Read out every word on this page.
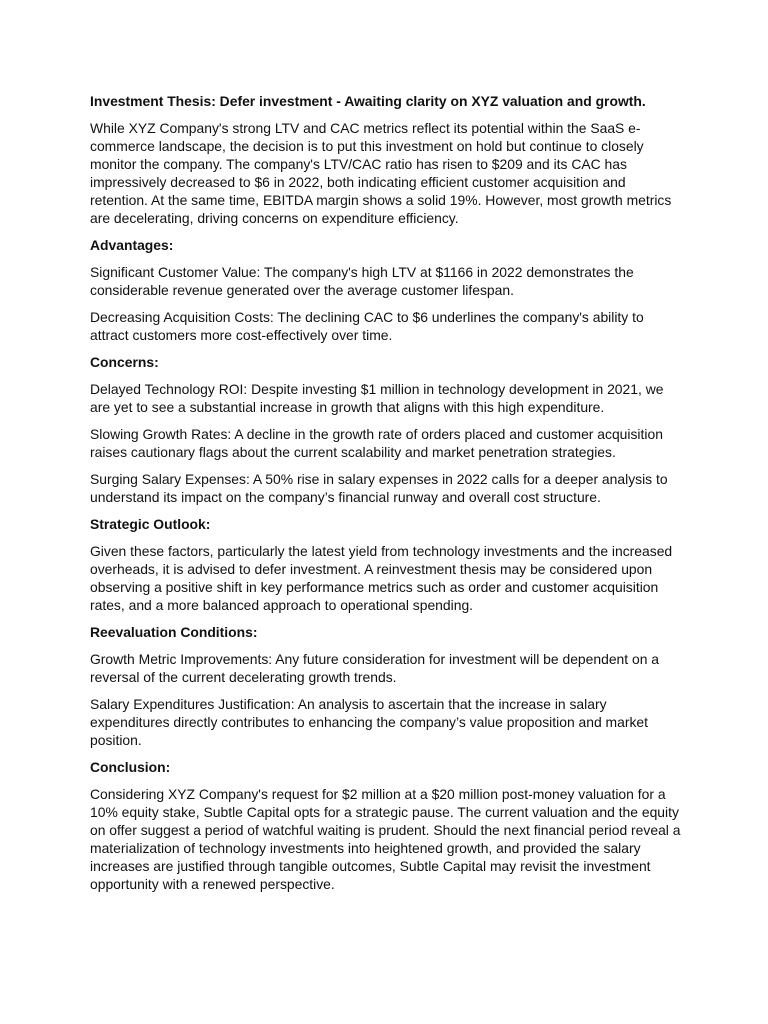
Investment Thesis: Defer investment - Awaiting clarity on XYZ valuation and growth.

While XYZ Company's strong LTV and CAC metrics reflect its potential within the SaaS e-commerce landscape, the decision is to put this investment on hold but continue to closely monitor the company. The company's LTV/CAC ratio has risen to $209 and its CAC has impressively decreased to $6 in 2022, both indicating efficient customer acquisition and retention. At the same time, EBITDA margin shows a solid 19%. However, most growth metrics are decelerating, driving concerns on expenditure efficiency.

Advantages:

Significant Customer Value: The company's high LTV at $1166 in 2022 demonstrates the considerable revenue generated over the average customer lifespan.

Decreasing Acquisition Costs: The declining CAC to $6 underlines the company's ability to attract customers more cost-effectively over time.

Concerns:

Delayed Technology ROI: Despite investing $1 million in technology development in 2021, we are yet to see a substantial increase in growth that aligns with this high expenditure.

Slowing Growth Rates: A decline in the growth rate of orders placed and customer acquisition raises cautionary flags about the current scalability and market penetration strategies.

Surging Salary Expenses: A 50% rise in salary expenses in 2022 calls for a deeper analysis to understand its impact on the company’s financial runway and overall cost structure.

Strategic Outlook:

Given these factors, particularly the latest yield from technology investments and the increased overheads, it is advised to defer investment. A reinvestment thesis may be considered upon observing a positive shift in key performance metrics such as order and customer acquisition rates, and a more balanced approach to operational spending.

Reevaluation Conditions:

Growth Metric Improvements: Any future consideration for investment will be dependent on a reversal of the current decelerating growth trends.

Salary Expenditures Justification: An analysis to ascertain that the increase in salary expenditures directly contributes to enhancing the company’s value proposition and market position.

Conclusion:

Considering XYZ Company's request for $2 million at a $20 million post-money valuation for a 10% equity stake, Subtle Capital opts for a strategic pause. The current valuation and the equity on offer suggest a period of watchful waiting is prudent. Should the next financial period reveal a materialization of technology investments into heightened growth, and provided the salary increases are justified through tangible outcomes, Subtle Capital may revisit the investment opportunity with a renewed perspective.
